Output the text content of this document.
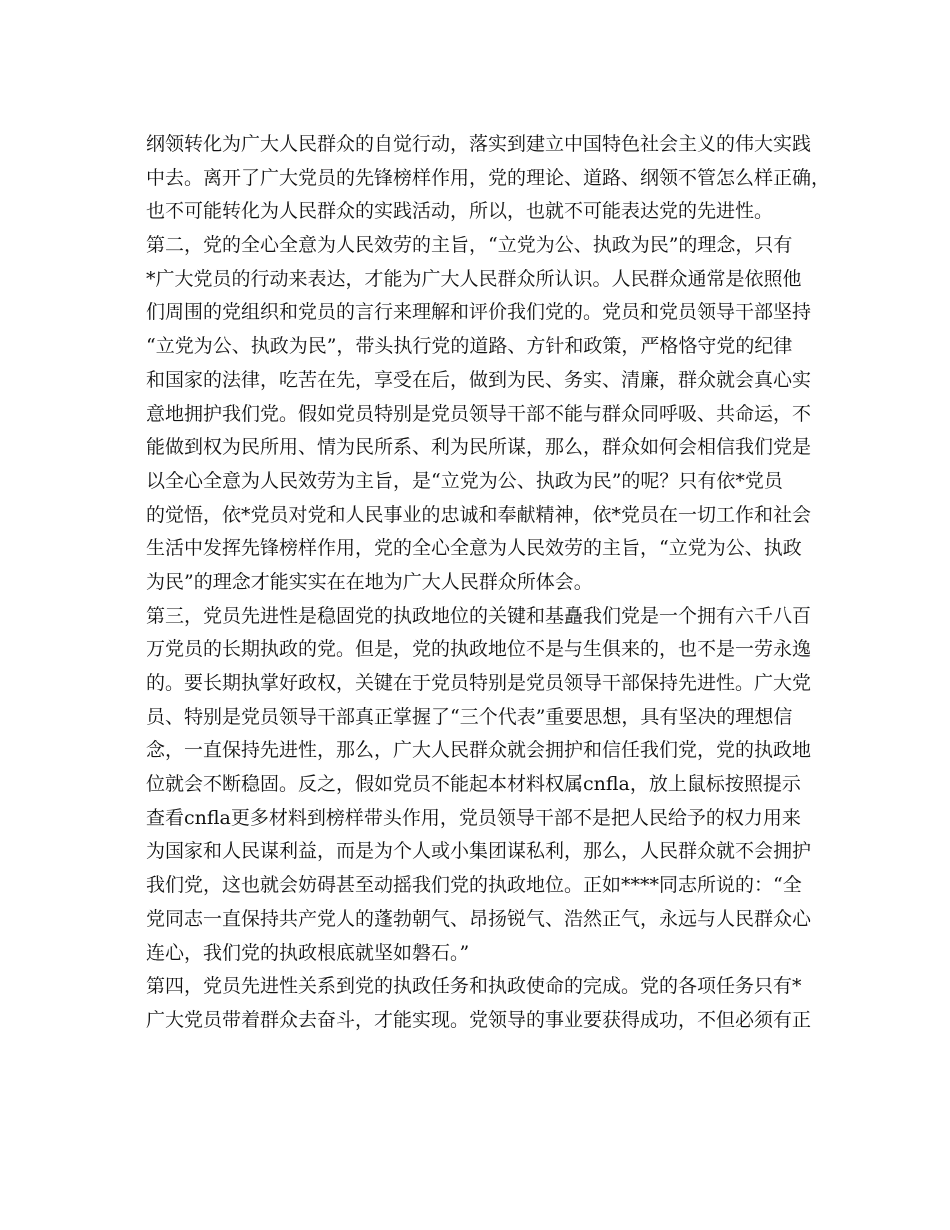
纲领转化为广大人民群众的自觉行动，落实到建立中国特色社会主义的伟大实践
中去。离开了广大党员的先锋榜样作用，党的理论、道路、纲领不管怎么样正确，
也不可能转化为人民群众的实践活动，所以，也就不可能表达党的先进性。
第二，党的全心全意为人民效劳的主旨，“立党为公、执政为民”的理念，只有
*广大党员的行动来表达，才能为广大人民群众所认识。人民群众通常是依照他
们周围的党组织和党员的言行来理解和评价我们党的。党员和党员领导干部坚持
“立党为公、执政为民”，带头执行党的道路、方针和政策，严格恪守党的纪律
和国家的法律，吃苦在先，享受在后，做到为民、务实、清廉，群众就会真心实
意地拥护我们党。假如党员特别是党员领导干部不能与群众同呼吸、共命运，不
能做到权为民所用、情为民所系、利为民所谋，那么，群众如何会相信我们党是
以全心全意为人民效劳为主旨，是“立党为公、执政为民”的呢？只有依*党员
的觉悟，依*党员对党和人民事业的忠诚和奉献精神，依*党员在一切工作和社会
生活中发挥先锋榜样作用，党的全心全意为人民效劳的主旨，“立党为公、执政
为民”的理念才能实实在在地为广大人民群众所体会。
第三，党员先进性是稳固党的执政地位的关键和基矗我们党是一个拥有六千八百
万党员的长期执政的党。但是，党的执政地位不是与生俱来的，也不是一劳永逸
的。要长期执掌好政权，关键在于党员特别是党员领导干部保持先进性。广大党
员、特别是党员领导干部真正掌握了“三个代表”重要思想，具有坚决的理想信
念，一直保持先进性，那么，广大人民群众就会拥护和信任我们党，党的执政地
位就会不断稳固。反之，假如党员不能起本材料权属cnfla，放上鼠标按照提示
查看cnfla更多材料到榜样带头作用，党员领导干部不是把人民给予的权力用来
为国家和人民谋利益，而是为个人或小集团谋私利，那么，人民群众就不会拥护
我们党，这也就会妨碍甚至动摇我们党的执政地位。正如****同志所说的：“全
党同志一直保持共产党人的蓬勃朝气、昂扬锐气、浩然正气，永远与人民群众心
连心，我们党的执政根底就坚如磐石。”
第四，党员先进性关系到党的执政任务和执政使命的完成。党的各项任务只有*
广大党员带着群众去奋斗，才能实现。党领导的事业要获得成功，不但必须有正
